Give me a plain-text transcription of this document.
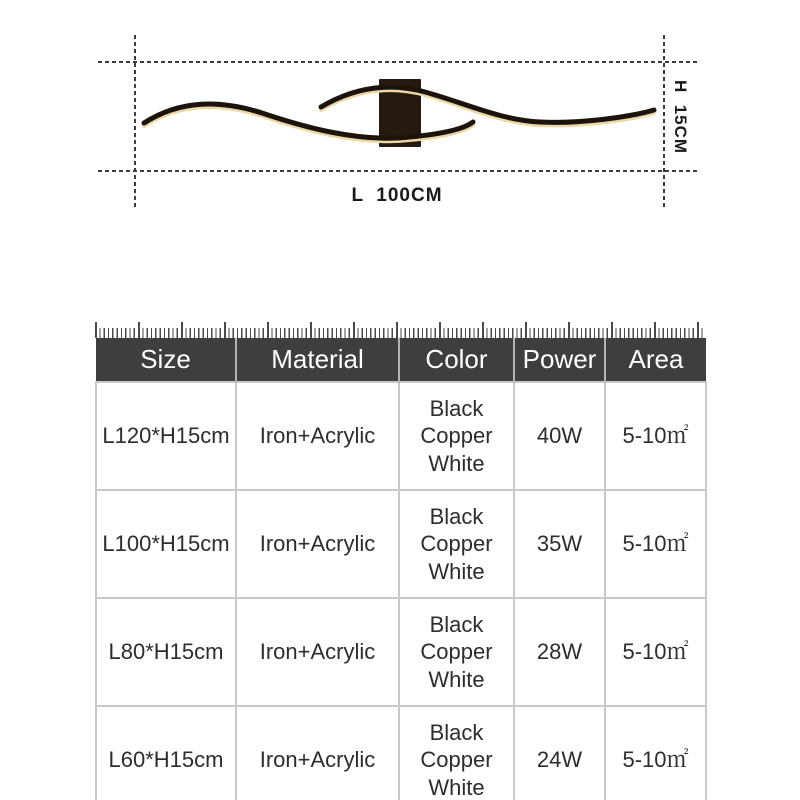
H  15CM
L  100CM
Size	Material	Color	Power	Area
L120*H15cm	Iron+Acrylic	Black Copper White	40W	5-10㎡
L100*H15cm	Iron+Acrylic	Black Copper White	35W	5-10㎡
L80*H15cm	Iron+Acrylic	Black Copper White	28W	5-10㎡
L60*H15cm	Iron+Acrylic	Black Copper White	24W	5-10㎡
